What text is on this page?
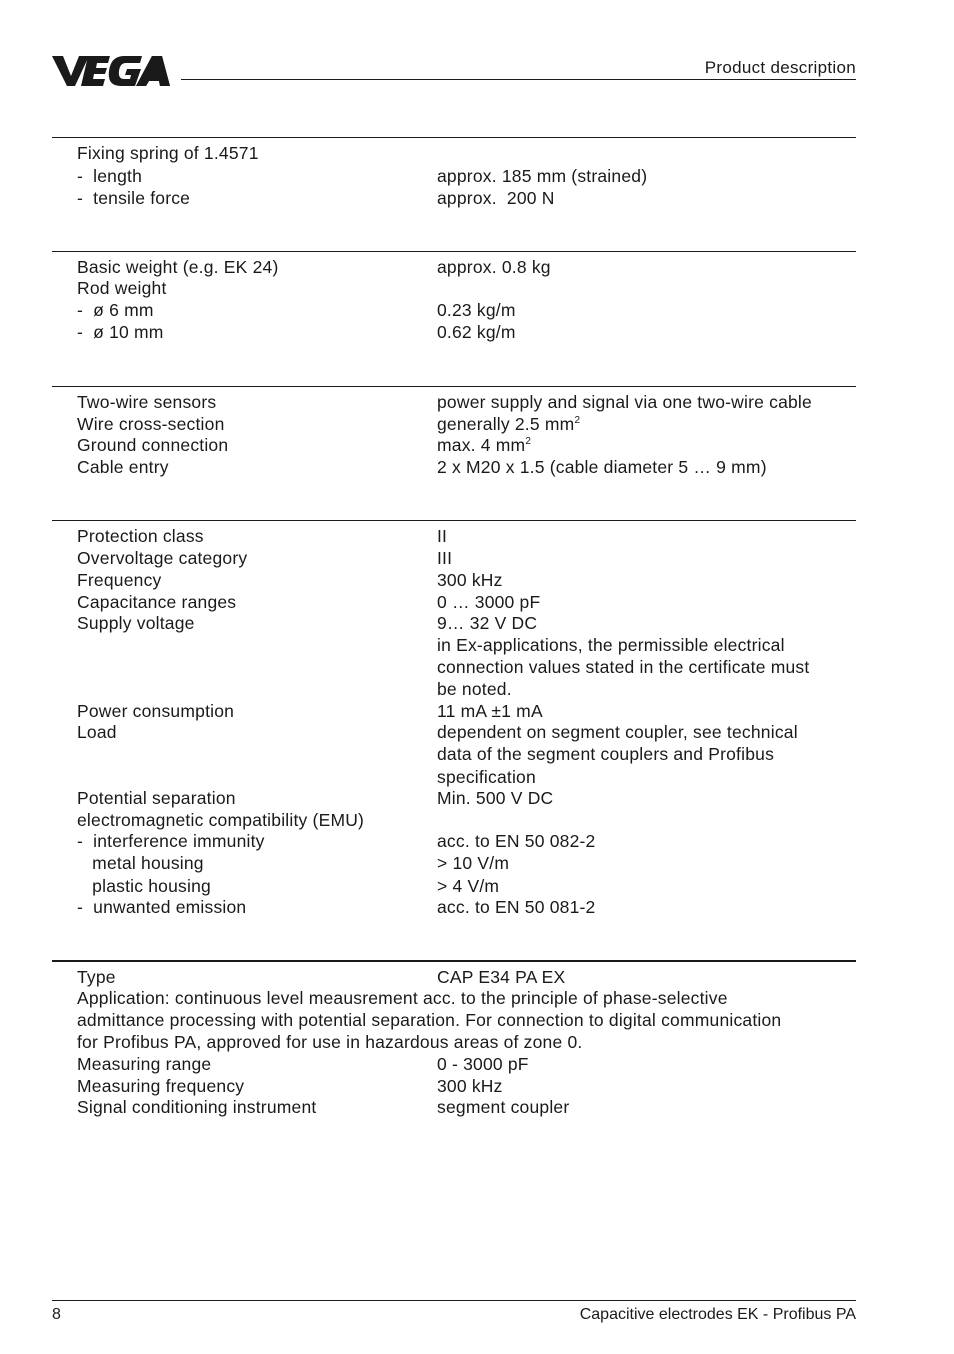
VEGA
Product description
Fixing spring of 1.4571
-  length	approx. 185 mm (strained)
-  tensile force	approx.  200 N
Basic weight (e.g. EK 24)	approx. 0.8 kg
Rod weight
-  ø 6 mm	0.23 kg/m
-  ø 10 mm	0.62 kg/m
Two-wire sensors	power supply and signal via one two-wire cable
Wire cross-section	generally 2.5 $mm^2$
Ground connection	max. 4 $mm^2$
Cable entry	2 x M20 x 1.5 (cable diameter 5 … 9 mm)
Protection class	II
Overvoltage category	III
Frequency	300 kHz
Capacitance ranges	0 … 3000 pF
Supply voltage	9… 32 V DC
in Ex-applications, the permissible electrical
connection values stated in the certificate must
be noted.
Power consumption	11 mA ±1 mA
Load	dependent on segment coupler, see technical
data of the segment couplers and Profibus
specification
Potential separation	Min. 500 V DC
electromagnetic compatibility (EMU)
-  interference immunity	acc. to EN 50 082-2
metal housing	> 10 V/m
plastic housing	> 4 V/m
-  unwanted emission	acc. to EN 50 081-2
Type	CAP E34 PA EX
Application: continuous level meausrement acc. to the principle of phase-selective
admittance processing with potential separation. For connection to digital communication
for Profibus PA, approved for use in hazardous areas of zone 0.
Measuring range	0 - 3000 pF
Measuring frequency	300 kHz
Signal conditioning instrument	segment coupler
8	Capacitive electrodes EK - Profibus PA
